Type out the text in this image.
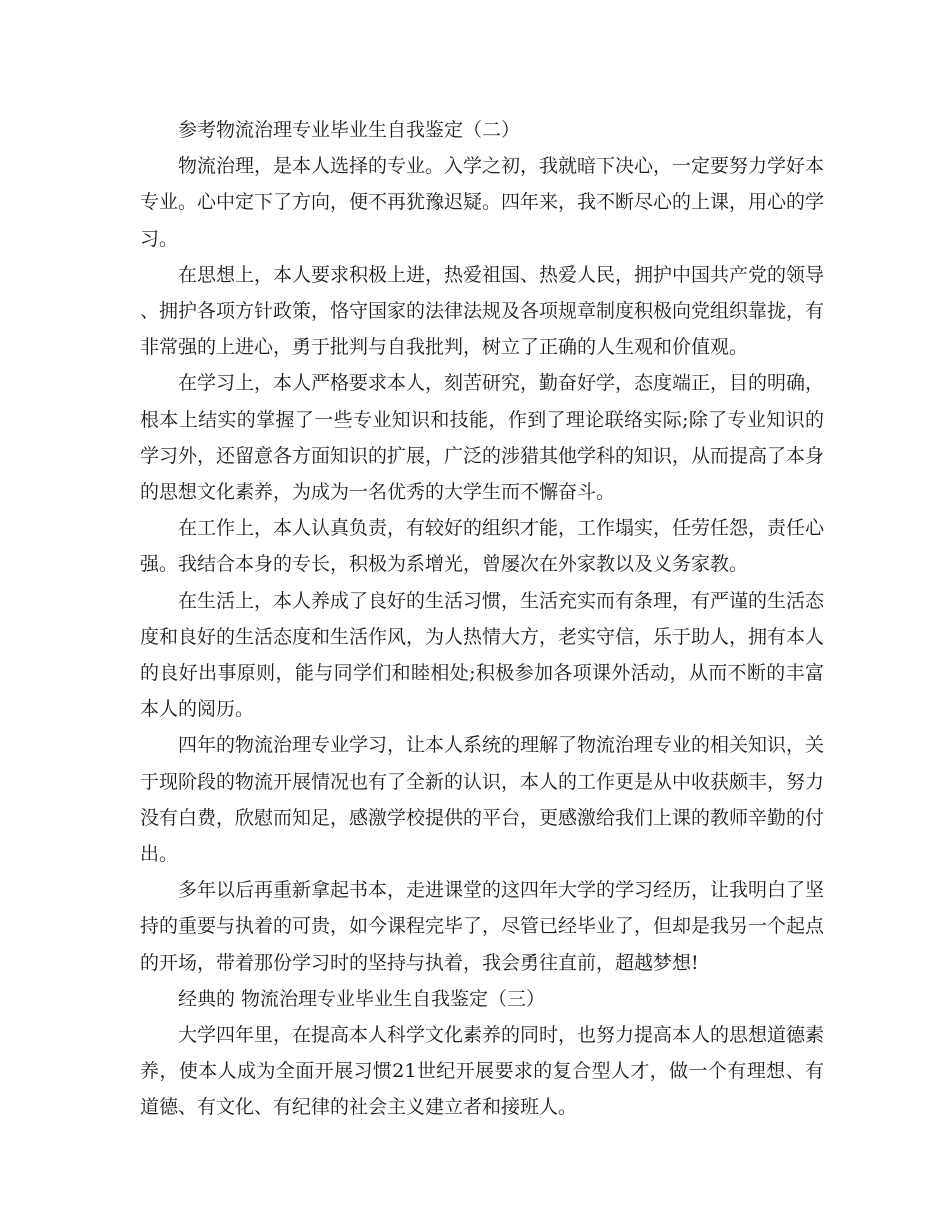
参考物流治理专业毕业生自我鉴定（二）

物流治理，是本人选择的专业。入学之初，我就暗下决心，一定要努力学好本专业。心中定下了方向，便不再犹豫迟疑。四年来，我不断尽心的上课，用心的学习。

在思想上，本人要求积极上进，热爱祖国、热爱人民，拥护中国共产党的领导、拥护各项方针政策，恪守国家的法律法规及各项规章制度积极向党组织靠拢，有非常强的上进心，勇于批判与自我批判，树立了正确的人生观和价值观。

在学习上，本人严格要求本人，刻苦研究，勤奋好学，态度端正，目的明确，根本上结实的掌握了一些专业知识和技能，作到了理论联络实际;除了专业知识的学习外，还留意各方面知识的扩展，广泛的涉猎其他学科的知识，从而提高了本身的思想文化素养，为成为一名优秀的大学生而不懈奋斗。

在工作上，本人认真负责，有较好的组织才能，工作塌实，任劳任怨，责任心强。我结合本身的专长，积极为系增光，曾屡次在外家教以及义务家教。

在生活上，本人养成了良好的生活习惯，生活充实而有条理，有严谨的生活态度和良好的生活态度和生活作风，为人热情大方，老实守信，乐于助人，拥有本人的良好出事原则，能与同学们和睦相处;积极参加各项课外活动，从而不断的丰富本人的阅历。

四年的物流治理专业学习，让本人系统的理解了物流治理专业的相关知识，关于现阶段的物流开展情况也有了全新的认识，本人的工作更是从中收获颇丰，努力没有白费，欣慰而知足，感激学校提供的平台，更感激给我们上课的教师辛勤的付出。

多年以后再重新拿起书本，走进课堂的这四年大学的学习经历，让我明白了坚持的重要与执着的可贵，如今课程完毕了，尽管已经毕业了，但却是我另一个起点的开场，带着那份学习时的坚持与执着，我会勇往直前，超越梦想!

经典的 物流治理专业毕业生自我鉴定（三）

大学四年里，在提高本人科学文化素养的同时，也努力提高本人的思想道德素养，使本人成为全面开展习惯21世纪开展要求的复合型人才，做一个有理想、有道德、有文化、有纪律的社会主义建立者和接班人。
